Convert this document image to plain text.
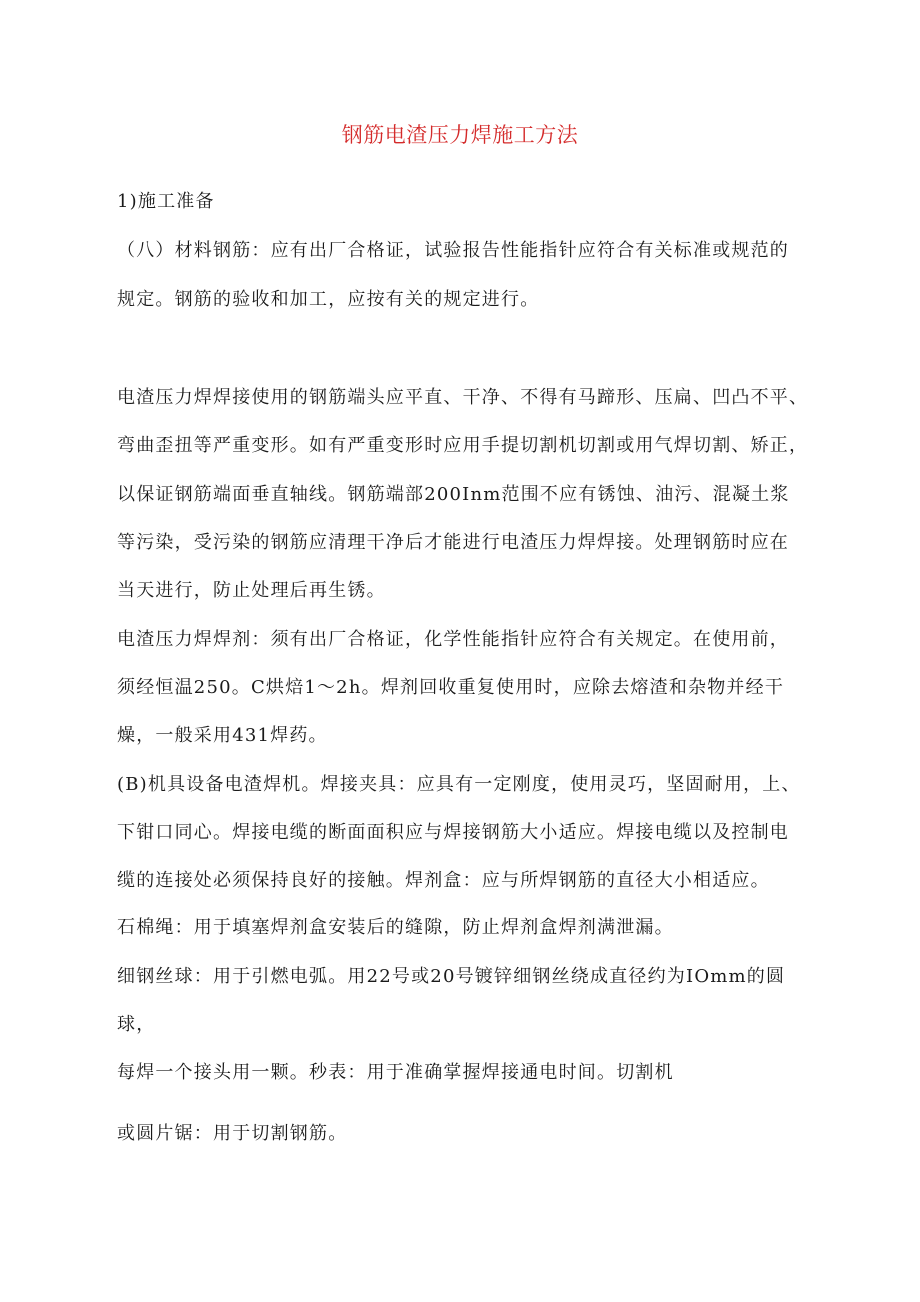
钢筋电渣压力焊施工方法
1)施工准备
（八）材料钢筋：应有出厂合格证，试验报告性能指针应符合有关标准或规范的
规定。钢筋的验收和加工，应按有关的规定进行。
电渣压力焊焊接使用的钢筋端头应平直、干净、不得有马蹄形、压扁、凹凸不平、
弯曲歪扭等严重变形。如有严重变形时应用手提切割机切割或用气焊切割、矫正，
以保证钢筋端面垂直轴线。钢筋端部200Inm范围不应有锈蚀、油污、混凝土浆
等污染，受污染的钢筋应清理干净后才能进行电渣压力焊焊接。处理钢筋时应在
当天进行，防止处理后再生锈。
电渣压力焊焊剂：须有出厂合格证，化学性能指针应符合有关规定。在使用前，
须经恒温250。C烘焙1～2h。焊剂回收重复使用时，应除去熔渣和杂物并经干
燥，一般采用431焊药。
(B)机具设备电渣焊机。焊接夹具：应具有一定刚度，使用灵巧，坚固耐用，上、
下钳口同心。焊接电缆的断面面积应与焊接钢筋大小适应。焊接电缆以及控制电
缆的连接处必须保持良好的接触。焊剂盒：应与所焊钢筋的直径大小相适应。
石棉绳：用于填塞焊剂盒安装后的缝隙，防止焊剂盒焊剂满泄漏。
细钢丝球：用于引燃电弧。用22号或20号镀锌细钢丝绕成直径约为IOmm的圆
球，
每焊一个接头用一颗。秒表：用于准确掌握焊接通电时间。切割机
或圆片锯：用于切割钢筋。
